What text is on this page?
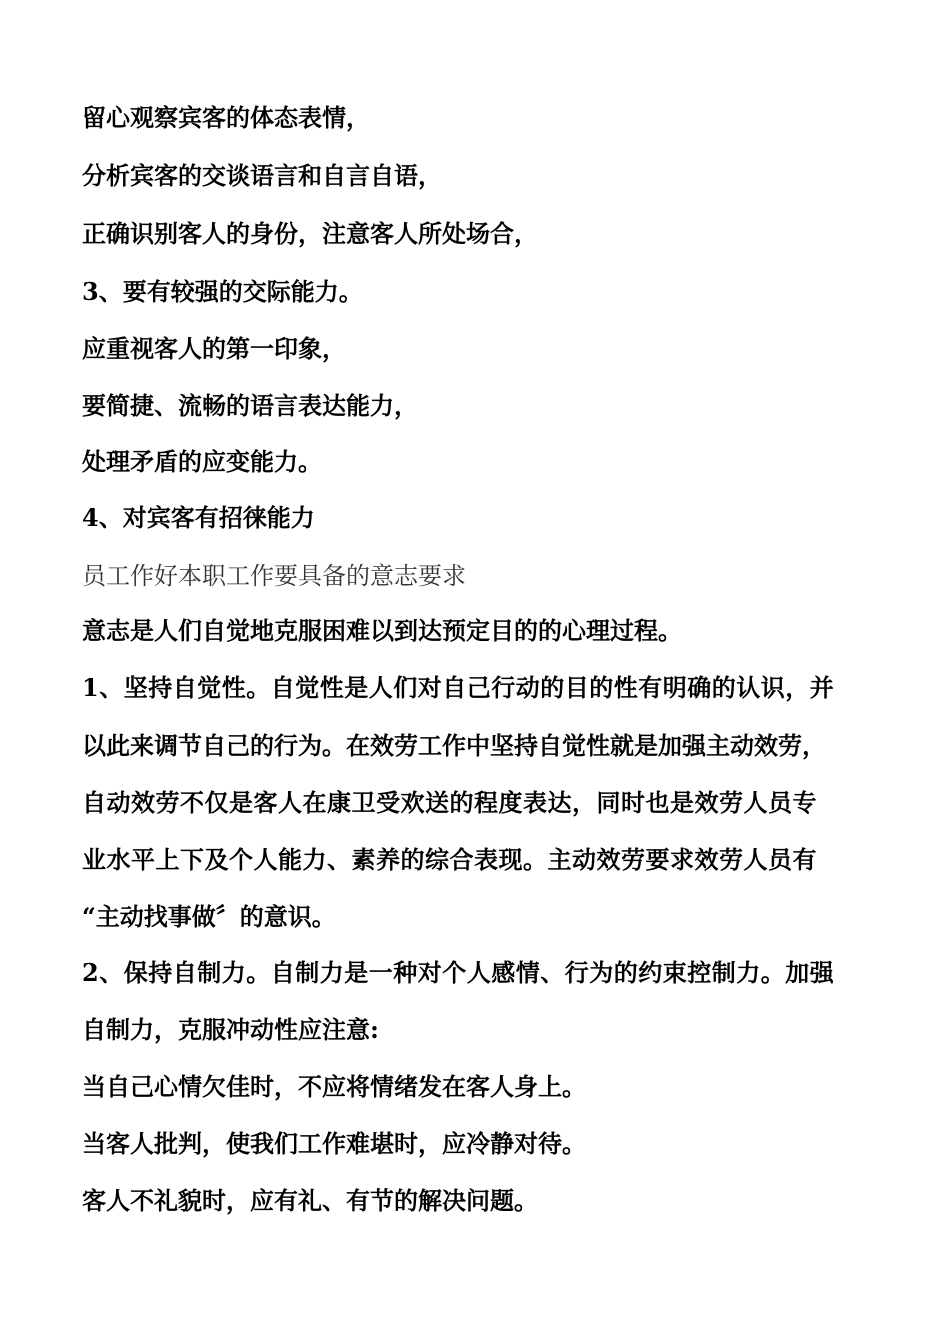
留心观察宾客的体态表情，
分析宾客的交谈语言和自言自语，
正确识别客人的身份，注意客人所处场合，
3、要有较强的交际能力。
应重视客人的第一印象，
要简捷、流畅的语言表达能力，
处理矛盾的应变能力。
4、对宾客有招徕能力
员工作好本职工作要具备的意志要求
意志是人们自觉地克服困难以到达预定目的的心理过程。
1、坚持自觉性。自觉性是人们对自己行动的目的性有明确的认识，并
以此来调节自己的行为。在效劳工作中坚持自觉性就是加强主动效劳，
自动效劳不仅是客人在康卫受欢送的程度表达，同时也是效劳人员专
业水平上下及个人能力、素养的综合表现。主动效劳要求效劳人员有
“主动找事做〞的意识。
2、保持自制力。自制力是一种对个人感情、行为的约束控制力。加强
自制力，克服冲动性应注意:
当自己心情欠佳时，不应将情绪发在客人身上。
当客人批判，使我们工作难堪时，应冷静对待。
客人不礼貌时，应有礼、有节的解决问题。
